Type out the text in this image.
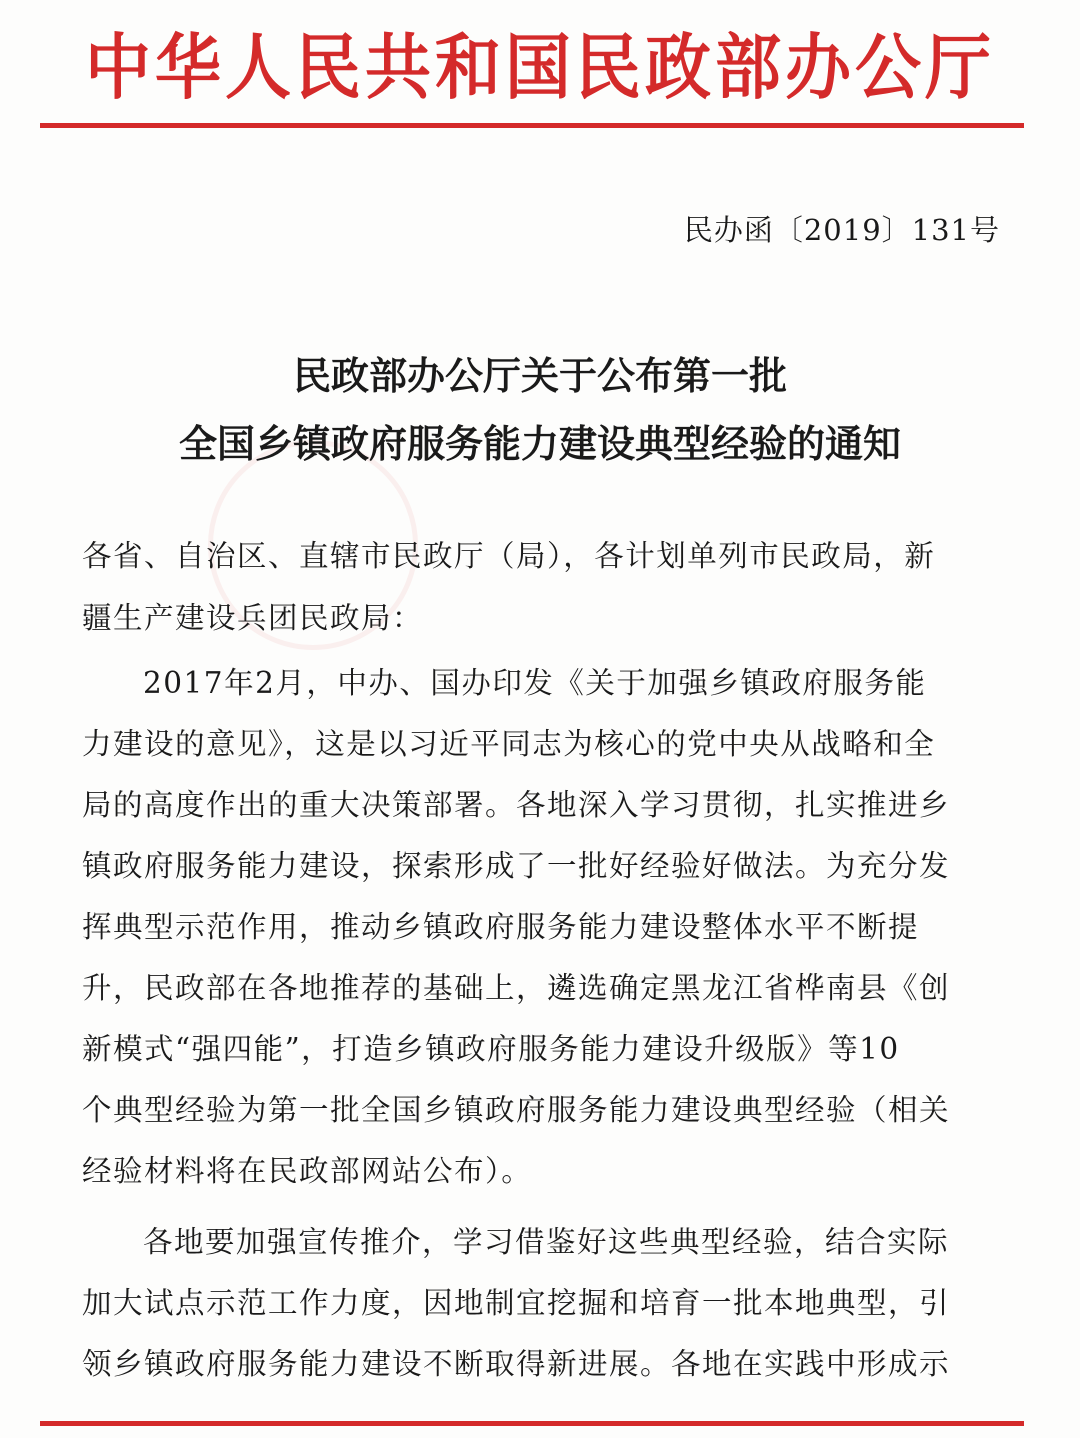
中华人民共和国民政部办公厅
民办函〔2019〕131号
民政部办公厅关于公布第一批
全国乡镇政府服务能力建设典型经验的通知
各省、自治区、直辖市民政厅（局），各计划单列市民政局，新
疆生产建设兵团民政局：
2017年2月，中办、国办印发《关于加强乡镇政府服务能
力建设的意见》，这是以习近平同志为核心的党中央从战略和全
局的高度作出的重大决策部署。各地深入学习贯彻，扎实推进乡
镇政府服务能力建设，探索形成了一批好经验好做法。为充分发
挥典型示范作用，推动乡镇政府服务能力建设整体水平不断提
升，民政部在各地推荐的基础上，遴选确定黑龙江省桦南县《创
新模式“强四能”，打造乡镇政府服务能力建设升级版》等10
个典型经验为第一批全国乡镇政府服务能力建设典型经验（相关
经验材料将在民政部网站公布）。
各地要加强宣传推介，学习借鉴好这些典型经验，结合实际
加大试点示范工作力度，因地制宜挖掘和培育一批本地典型，引
领乡镇政府服务能力建设不断取得新进展。各地在实践中形成示
